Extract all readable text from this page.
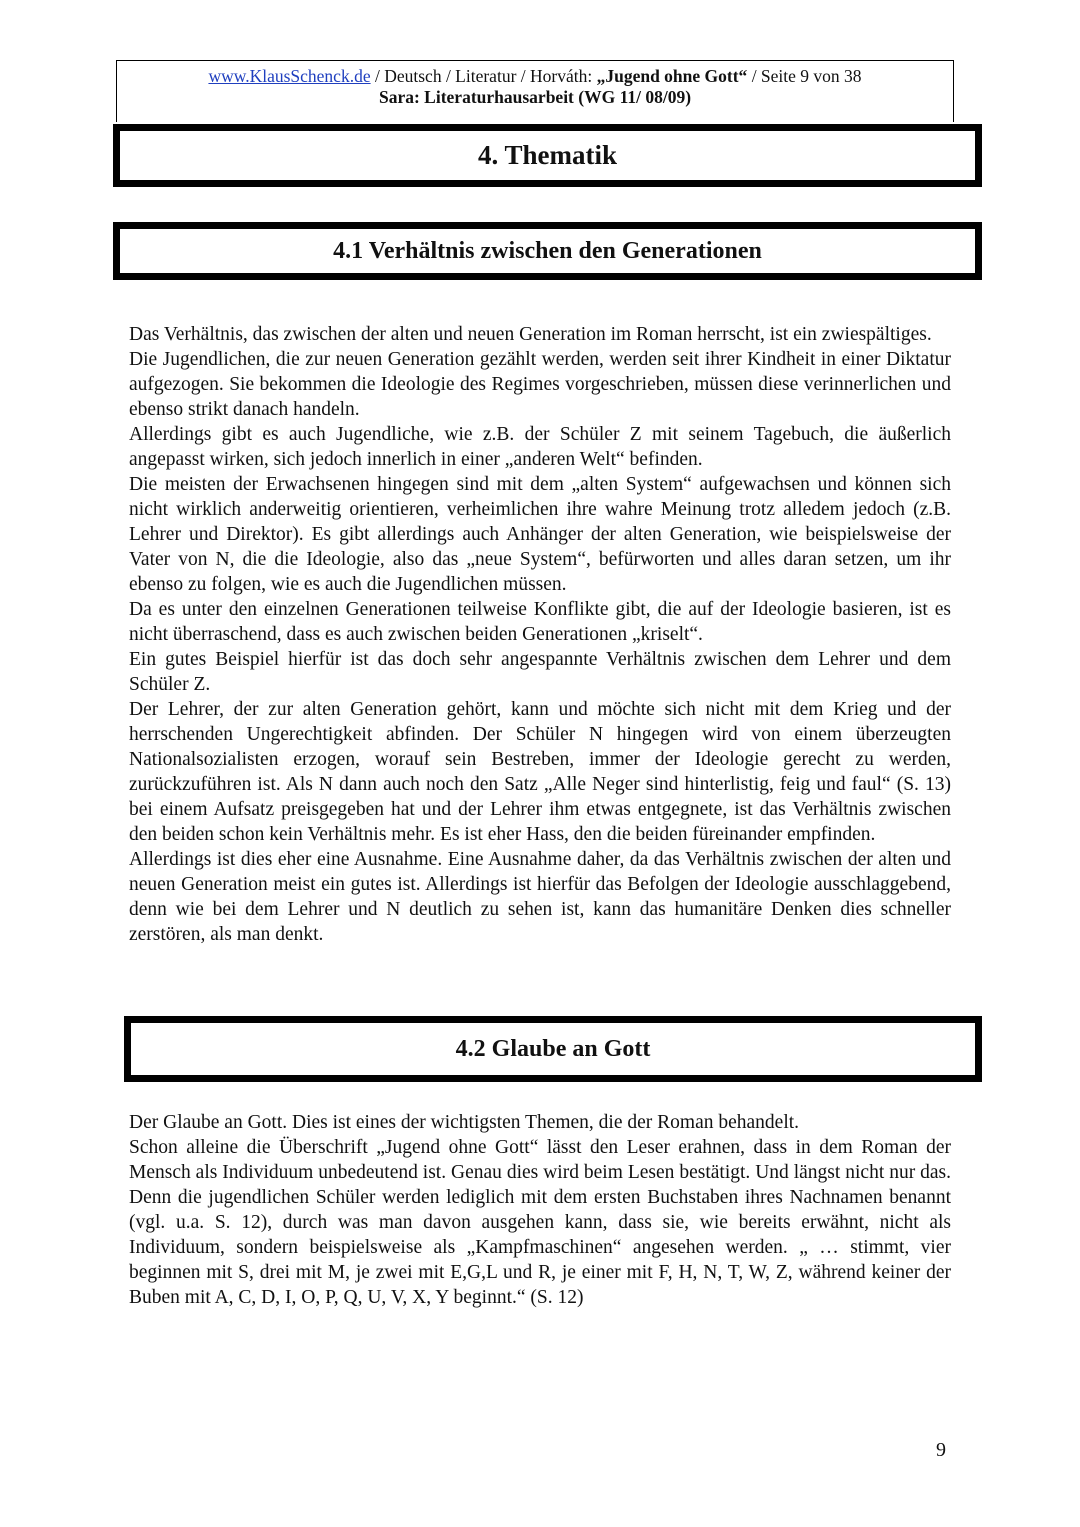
www.KlausSchenck.de / Deutsch / Literatur / Horváth: „Jugend ohne Gott“ / Seite 9 von 38
Sara: Literaturhausarbeit (WG 11/ 08/09)
4. Thematik
4.1 Verhältnis zwischen den Generationen

Das Verhältnis, das zwischen der alten und neuen Generation im Roman herrscht, ist ein zwiespältiges.

Die Jugendlichen, die zur neuen Generation gezählt werden, werden seit ihrer Kindheit in einer Diktatur aufgezogen. Sie bekommen die Ideologie des Regimes vorgeschrieben, müssen diese verinnerlichen und ebenso strikt danach handeln.

Allerdings gibt es auch Jugendliche, wie z.B. der Schüler Z mit seinem Tagebuch, die äußerlich angepasst wirken, sich jedoch innerlich in einer „anderen Welt“ befinden.

Die meisten der Erwachsenen hingegen sind mit dem „alten System“ aufgewachsen und können sich nicht wirklich anderweitig orientieren, verheimlichen ihre wahre Meinung trotz alledem jedoch (z.B. Lehrer und Direktor). Es gibt allerdings auch Anhänger der alten Generation, wie beispielsweise der Vater von N, die die Ideologie, also das „neue System“, befürworten und alles daran setzen, um ihr ebenso zu folgen, wie es auch die Jugendlichen müssen.

Da es unter den einzelnen Generationen teilweise Konflikte gibt, die auf der Ideologie basieren, ist es nicht überraschend, dass es auch zwischen beiden Generationen „kriselt“.

Ein gutes Beispiel hierfür ist das doch sehr angespannte Verhältnis zwischen dem Lehrer und dem Schüler Z.

Der Lehrer, der zur alten Generation gehört, kann und möchte sich nicht mit dem Krieg und der herrschenden Ungerechtigkeit abfinden. Der Schüler N hingegen wird von einem überzeugten Nationalsozialisten erzogen, worauf sein Bestreben, immer der Ideologie gerecht zu werden, zurückzuführen ist. Als N dann auch noch den Satz „Alle Neger sind hinterlistig, feig und faul“ (S. 13) bei einem Aufsatz preisgegeben hat und der Lehrer ihm etwas entgegnete, ist das Verhältnis zwischen den beiden schon kein Verhältnis mehr. Es ist eher Hass, den die beiden füreinander empfinden.

Allerdings ist dies eher eine Ausnahme. Eine Ausnahme daher, da das Verhältnis zwischen der alten und neuen Generation meist ein gutes ist. Allerdings ist hierfür das Befolgen der Ideologie ausschlaggebend, denn wie bei dem Lehrer und N deutlich zu sehen ist, kann das humanitäre Denken dies schneller zerstören, als man denkt.

4.2 Glaube an Gott

Der Glaube an Gott. Dies ist eines der wichtigsten Themen, die der Roman behandelt.

Schon alleine die Überschrift „Jugend ohne Gott“ lässt den Leser erahnen, dass in dem Roman der Mensch als Individuum unbedeutend ist. Genau dies wird beim Lesen bestätigt. Und längst nicht nur das. Denn die jugendlichen Schüler werden lediglich mit dem ersten Buchstaben ihres Nachnamen benannt (vgl. u.a. S. 12), durch was man davon ausgehen kann, dass sie, wie bereits erwähnt, nicht als Individuum, sondern beispielsweise als „Kampfmaschinen“ angesehen werden. „ … stimmt, vier beginnen mit S, drei mit M, je zwei mit E,G,L und R, je einer mit F, H, N, T, W, Z, während keiner der Buben mit A, C, D, I, O, P, Q, U, V, X, Y beginnt.“ (S. 12)

9
